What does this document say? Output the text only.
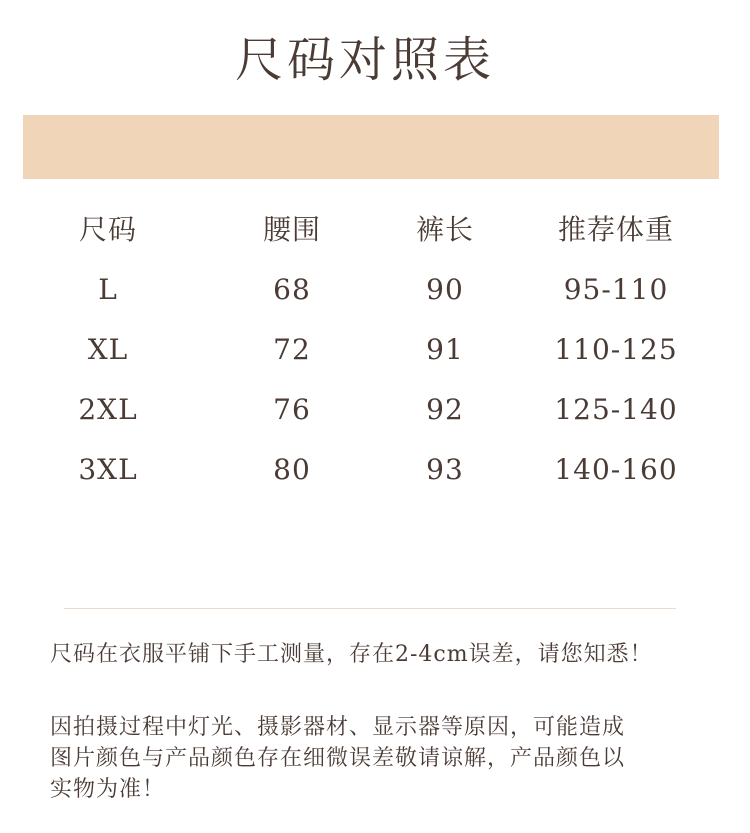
尺码对照表
尺码	腰围	裤长	推荐体重
L	68	90	95-110
XL	72	91	110-125
2XL	76	92	125-140
3XL	80	93	140-160
尺码在衣服平铺下手工测量，存在2-4cm误差，请您知悉！
因拍摄过程中灯光、摄影器材、显示器等原因，可能造成
图片颜色与产品颜色存在细微误差敬请谅解，产品颜色以
实物为准！
